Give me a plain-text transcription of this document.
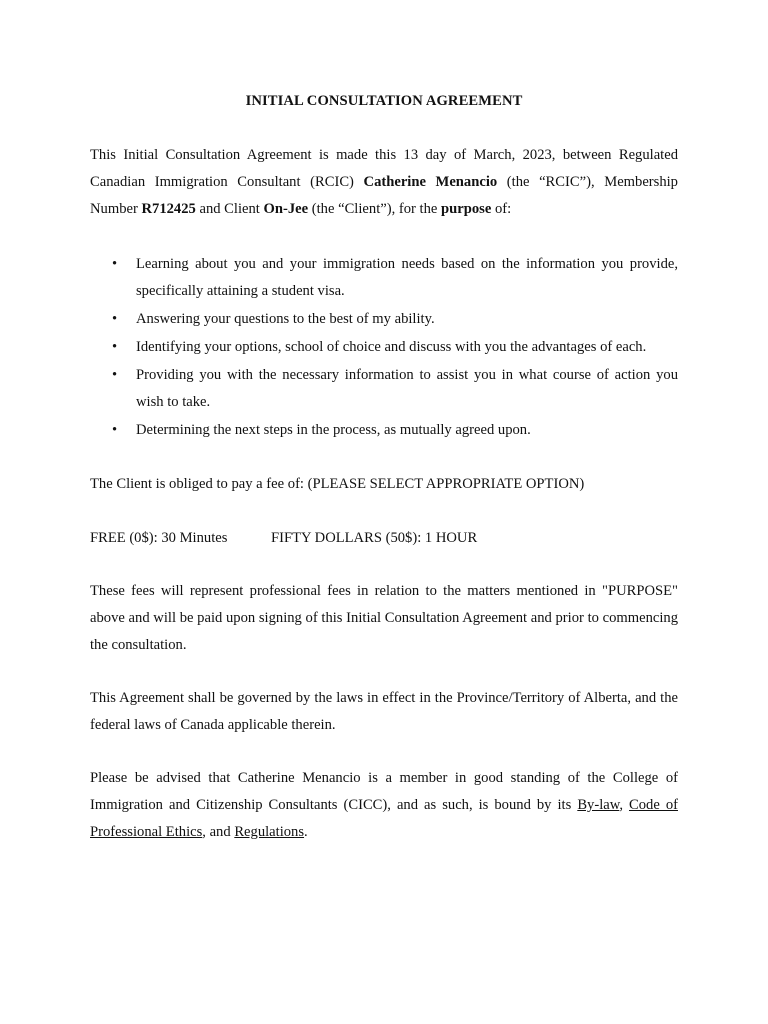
INITIAL CONSULTATION AGREEMENT

This Initial Consultation Agreement is made this 13 day of March, 2023, between Regulated Canadian Immigration Consultant (RCIC) Catherine Menancio (the “RCIC”), Membership Number R712425 and Client On-Jee (the “Client”), for the purpose of:

• Learning about you and your immigration needs based on the information you provide, specifically attaining a student visa.
• Answering your questions to the best of my ability.
• Identifying your options, school of choice and discuss with you the advantages of each.
• Providing you with the necessary information to assist you in what course of action you wish to take.
• Determining the next steps in the process, as mutually agreed upon.

The Client is obliged to pay a fee of: (PLEASE SELECT APPROPRIATE OPTION)

FREE (0$): 30 Minutes	FIFTY DOLLARS (50$): 1 HOUR

These fees will represent professional fees in relation to the matters mentioned in "PURPOSE" above and will be paid upon signing of this Initial Consultation Agreement and prior to commencing the consultation.

This Agreement shall be governed by the laws in effect in the Province/Territory of Alberta, and the federal laws of Canada applicable therein.

Please be advised that Catherine Menancio is a member in good standing of the College of Immigration and Citizenship Consultants (CICC), and as such, is bound by its By-law, Code of Professional Ethics, and Regulations.
